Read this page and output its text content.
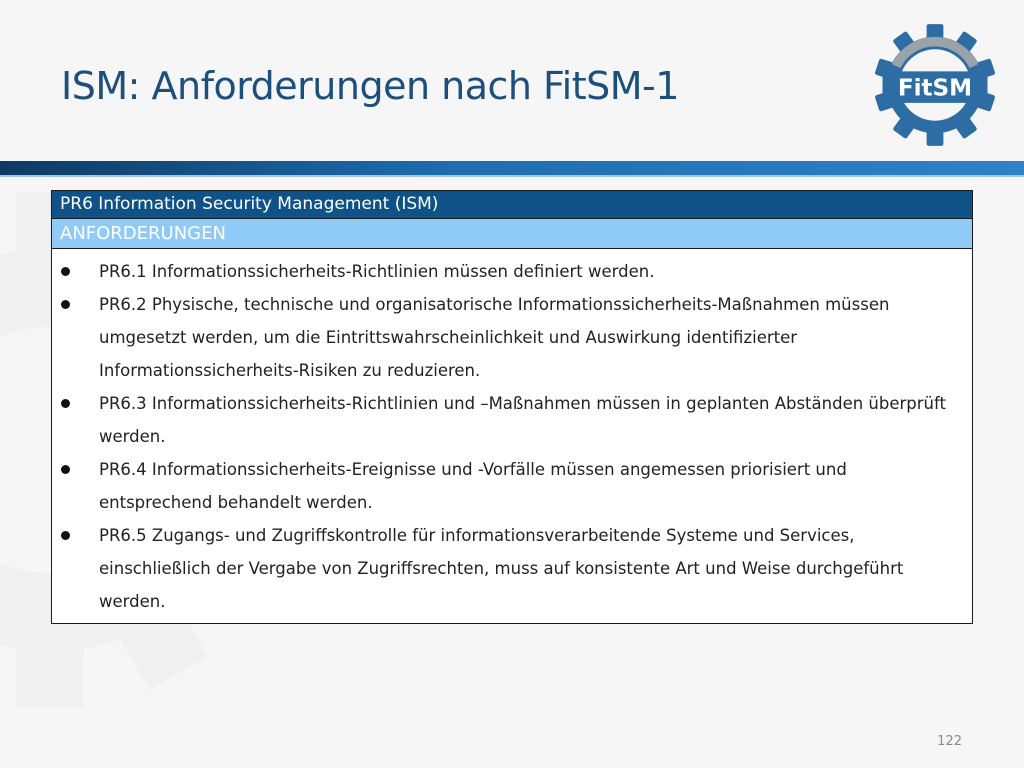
ISM: Anforderungen nach FitSM-1	FitSM
PR6 Information Security Management (ISM)
ANFORDERUNGEN
PR6.1 Informationssicherheits-Richtlinien müssen definiert werden.
PR6.2 Physische, technische und organisatorische Informationssicherheits-Maßnahmen müssen umgesetzt werden, um die Eintrittswahrscheinlichkeit und Auswirkung identifizierter Informationssicherheits-Risiken zu reduzieren.
PR6.3 Informationssicherheits-Richtlinien und –Maßnahmen müssen in geplanten Abständen überprüft werden.
PR6.4 Informationssicherheits-Ereignisse und -Vorfälle müssen angemessen priorisiert und entsprechend behandelt werden.
PR6.5 Zugangs- und Zugriffskontrolle für informationsverarbeitende Systeme und Services, einschließlich der Vergabe von Zugriffsrechten, muss auf konsistente Art und Weise durchgeführt werden.
122
